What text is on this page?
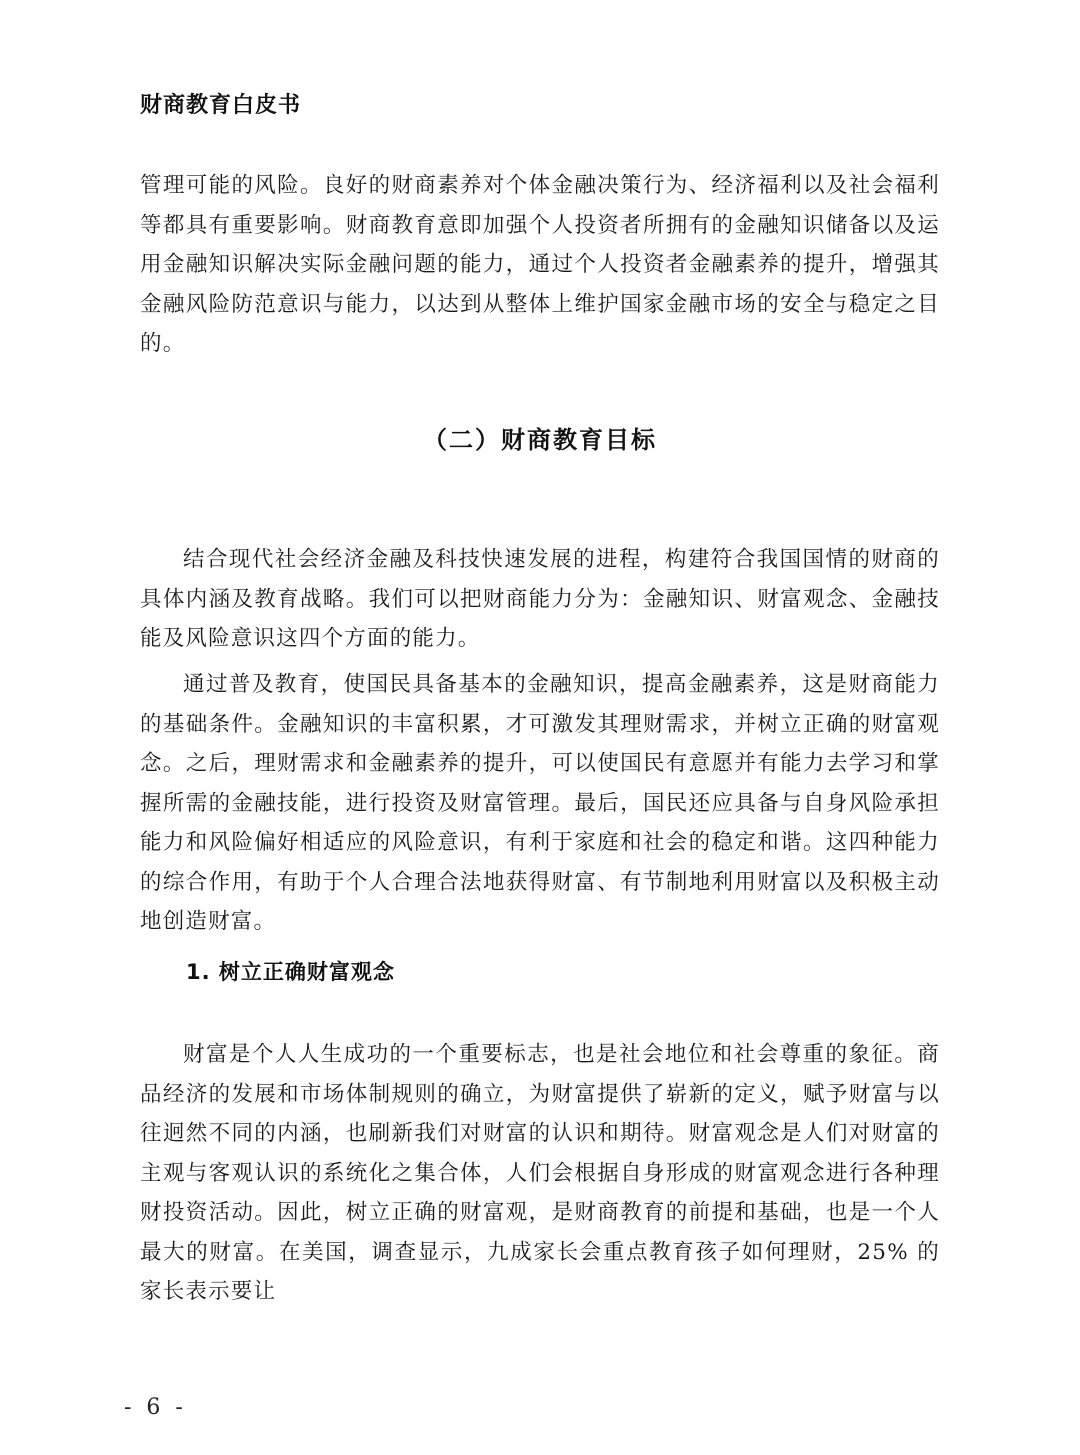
财商教育白皮书

管理可能的风险。良好的财商素养对个体金融决策行为、经济福利以及社会福利等都具有重要影响。财商教育意即加强个人投资者所拥有的金融知识储备以及运用金融知识解决实际金融问题的能力，通过个人投资者金融素养的提升，增强其金融风险防范意识与能力，以达到从整体上维护国家金融市场的安全与稳定之目的。

（二）财商教育目标

结合现代社会经济金融及科技快速发展的进程，构建符合我国国情的财商的具体内涵及教育战略。我们可以把财商能力分为：金融知识、财富观念、金融技能及风险意识这四个方面的能力。

通过普及教育，使国民具备基本的金融知识，提高金融素养，这是财商能力的基础条件。金融知识的丰富积累，才可激发其理财需求，并树立正确的财富观念。之后，理财需求和金融素养的提升，可以使国民有意愿并有能力去学习和掌握所需的金融技能，进行投资及财富管理。最后，国民还应具备与自身风险承担能力和风险偏好相适应的风险意识，有利于家庭和社会的稳定和谐。这四种能力的综合作用，有助于个人合理合法地获得财富、有节制地利用财富以及积极主动地创造财富。

1. 树立正确财富观念

财富是个人人生成功的一个重要标志，也是社会地位和社会尊重的象征。商品经济的发展和市场体制规则的确立，为财富提供了崭新的定义，赋予财富与以往迥然不同的内涵，也刷新我们对财富的认识和期待。财富观念是人们对财富的主观与客观认识的系统化之集合体，人们会根据自身形成的财富观念进行各种理财投资活动。因此，树立正确的财富观，是财商教育的前提和基础，也是一个人最大的财富。在美国，调查显示，九成家长会重点教育孩子如何理财，25% 的家长表示要让

- 6 -
